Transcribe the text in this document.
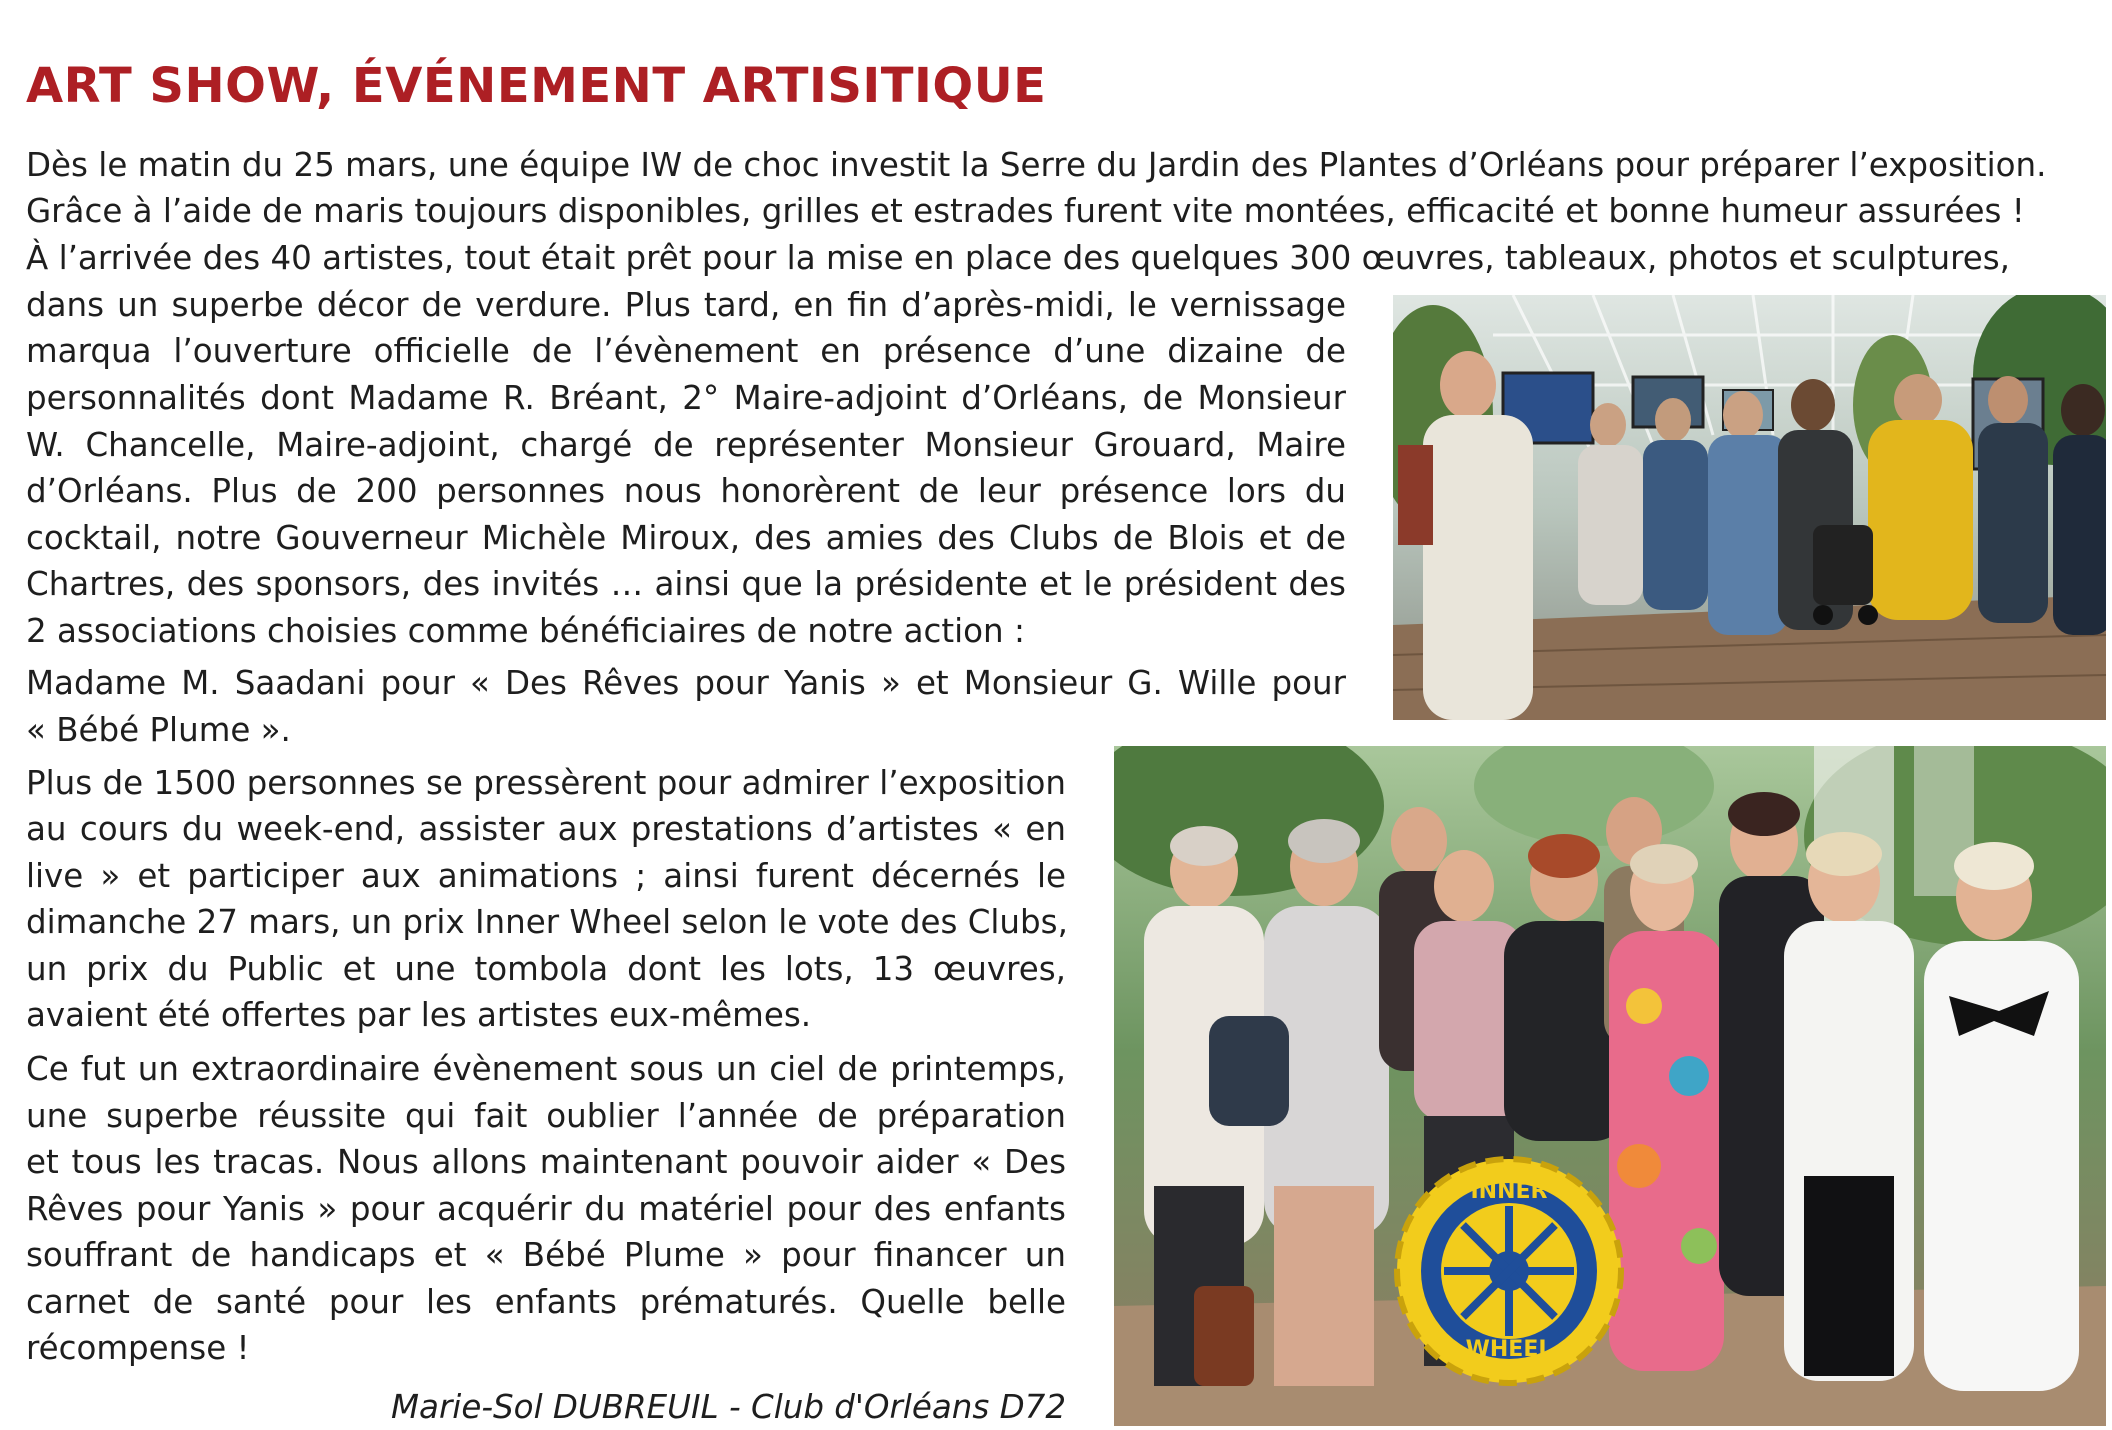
ART SHOW, ÉVÉNEMENT ARTISITIQUE

Dès le matin du 25 mars, une équipe IW de choc investit la Serre du Jardin des Plantes d’Orléans pour préparer l’exposition.

Grâce à l’aide de maris toujours disponibles, grilles et estrades furent vite montées, efficacité et bonne humeur assurées !

À l’arrivée des 40 artistes, tout était prêt pour la mise en place des quelques 300 œuvres, tableaux, photos et sculptures,

dans un superbe décor de verdure. Plus tard, en fin d’après-midi, le vernissage

marqua l’ouverture officielle de l’évènement en présence d’une dizaine de

personnalités dont Madame R. Bréant, 2° Maire-adjoint d’Orléans, de Monsieur

W. Chancelle, Maire-adjoint, chargé de représenter Monsieur Grouard, Maire

d’Orléans. Plus de 200 personnes nous honorèrent de leur présence lors du

cocktail, notre Gouverneur Michèle Miroux, des amies des Clubs de Blois et de

Chartres, des sponsors, des invités … ainsi que la présidente et le président des

2 associations choisies comme bénéficiaires de notre action :

Madame M. Saadani pour « Des Rêves pour Yanis » et Monsieur G. Wille pour

« Bébé Plume ».

Plus de 1500 personnes se pressèrent pour admirer l’exposition

au cours du week-end, assister aux prestations d’artistes « en

live » et participer aux animations ; ainsi furent décernés le

dimanche 27 mars, un prix Inner Wheel selon le vote des Clubs,

un prix du Public et une tombola dont les lots, 13 œuvres,

avaient été offertes par les artistes eux-mêmes.

Ce fut un extraordinaire évènement sous un ciel de printemps,

une superbe réussite qui fait oublier l’année de préparation

et tous les tracas. Nous allons maintenant pouvoir aider « Des

Rêves pour Yanis » pour acquérir du matériel pour des enfants

souffrant de handicaps et « Bébé Plume » pour financer un

carnet de santé pour les enfants prématurés. Quelle belle

récompense !

Marie-Sol DUBREUIL - Club d'Orléans D72
INNER
WHEEL
